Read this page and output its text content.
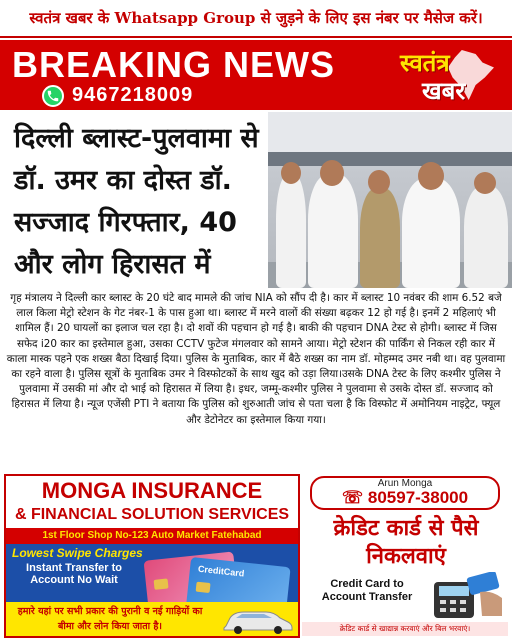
स्वतंत्र खबर के Whatsapp Group से जुड़ने के लिए इस नंबर पर मैसेज करें।
BREAKING NEWS
9467218009
स्वतंत्र
खबर
दिल्ली ब्लास्ट-पुलवामा से डॉ. उमर का दोस्त डॉ. सज्जाद गिरफ्तार, 40 और लोग हिरासत में
गृह मंत्रालय ने दिल्ली कार ब्लास्ट के 20 घंटे बाद मामले की जांच NIA को सौंप दी है। कार में ब्लास्ट 10 नवंबर की शाम 6.52 बजे लाल किला मेट्रो स्टेशन के गेट नंबर-1 के पास हुआ था। ब्लास्ट में मरने वालों की संख्या बढ़कर 12 हो गई है। इनमें 2 महिलाएं भी शामिल हैं। 20 घायलों का इलाज चल रहा है। दो शवों की पहचान हो गई है। बाकी की पहचान DNA टेस्ट से होगी। ब्लास्ट में जिस सफेद i20 कार का इस्तेमाल हुआ, उसका CCTV फुटेज मंगलवार को सामने आया। मेट्रो स्टेशन की पार्किंग से निकल रही कार में काला मास्क पहने एक शख्स बैठा दिखाई दिया। पुलिस के मुताबिक, कार में बैठे शख्स का नाम डॉ. मोहम्मद उमर नबी था। वह पुलवामा का रहने वाला है। पुलिस सूत्रों के मुताबिक उमर ने विस्फोटकों के साथ खुद को उड़ा लिया।उसके DNA टेस्ट के लिए कश्मीर पुलिस ने पुलवामा में उसकी मां और दो भाई को हिरासत में लिया है। इधर, जम्मू-कश्मीर पुलिस ने पुलवामा से उसके दोस्त डॉ. सज्जाद को हिरासत में लिया है। न्यूज एजेंसी PTI ने बताया कि पुलिस को शुरुआती जांच से पता चला है कि विस्फोट में अमोनियम नाइट्रेट, फ्यूल और डेटोनेटर का इस्तेमाल किया गया।
MONGA INSURANCE
& FINANCIAL SOLUTION SERVICES
1st Floor Shop No-123 Auto Market Fatehabad
Lowest Swipe Charges
Instant Transfer to Account No Wait
CreditCard
हमारे यहां पर सभी प्रकार की पुरानी व नई गाड़ियों का बीमा और लोन किया जाता है।
Arun Monga
☏ 80597-38000
क्रेडिट कार्ड से पैसे निकलवाएं
Credit Card to Account Transfer
क्रेडिट कार्ड से खाद्यान्न करवाएं और बिल भरवाएं।
